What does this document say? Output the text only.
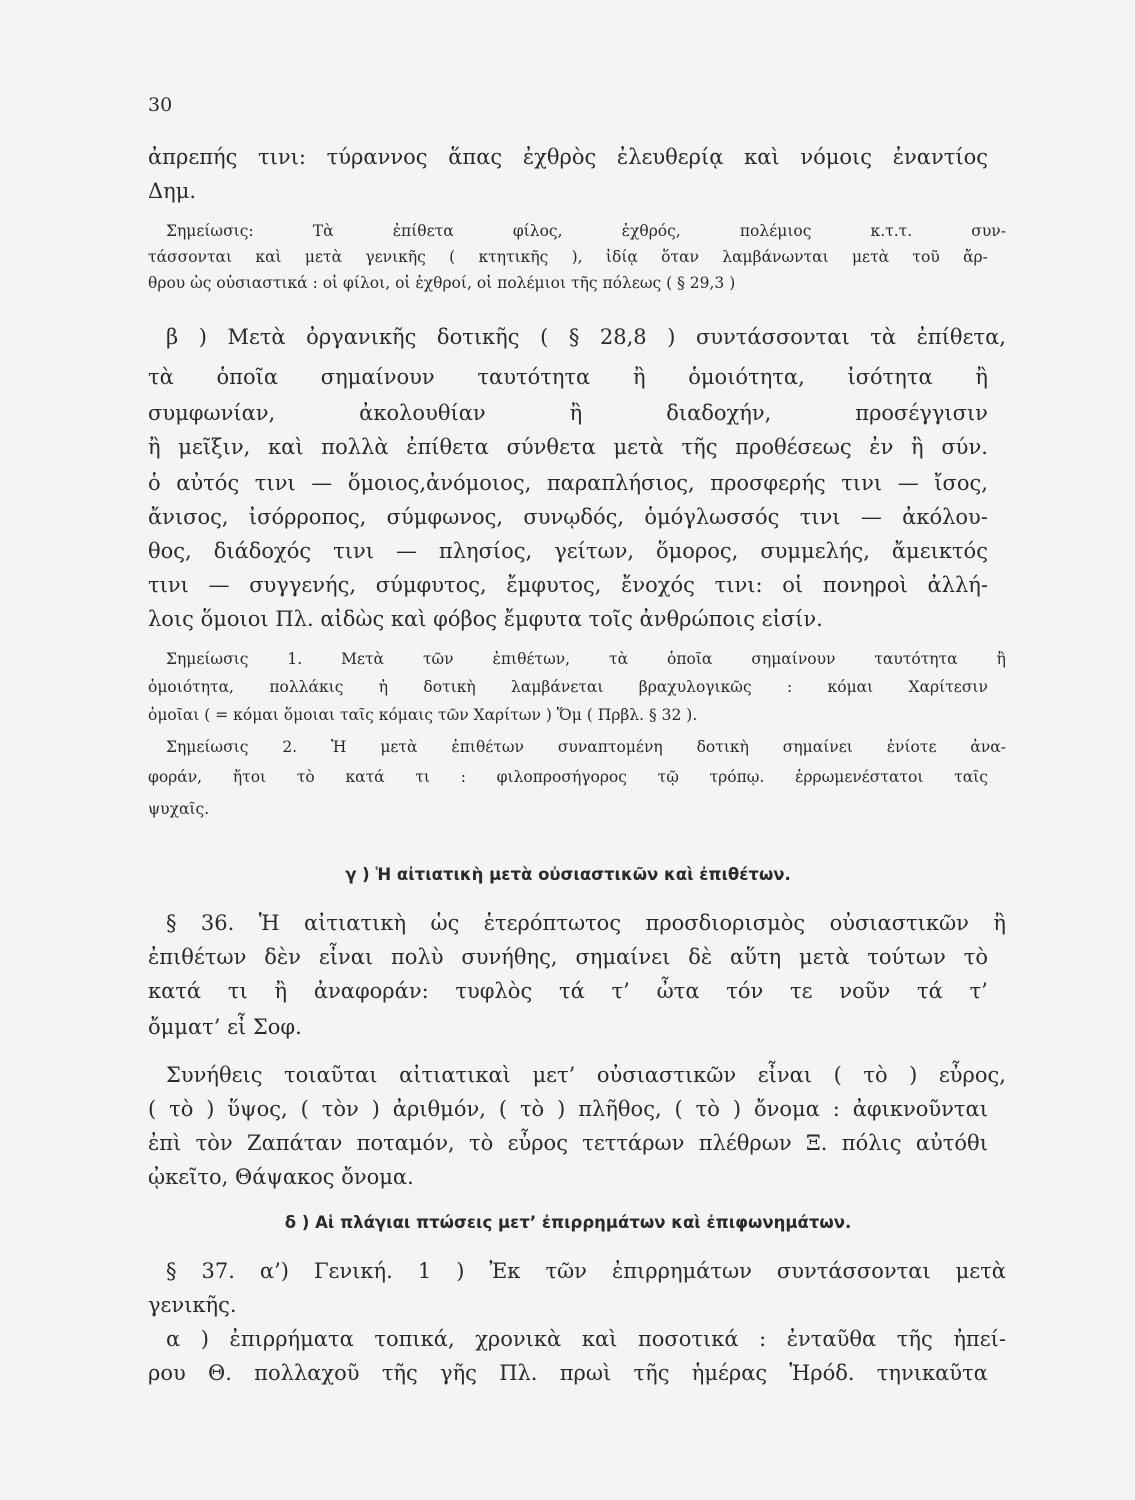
30
ἀπρεπής τινι: τύραννος ἅπας ἐχθρὸς ἐλευθερίᾳ καὶ νόμοις ἐναντίος
Δημ.
Σημείωσις:	Τὰ	ἐπίθετα	φίλος,	ἐχθρός,	πολέμιος	κ.τ.τ.	συν-
τάσσονται καὶ μετὰ γενικῆς ( κτητικῆς ), ἰδίᾳ ὅταν λαμβάνωνται μετὰ τοῦ ἄρ-
θρου ὡς οὐσιαστικά : οἱ φίλοι, οἱ ἐχθροί, οἱ πολέμιοι τῆς πόλεως ( § 29,3 )
β ) Μετὰ ὀργανικῆς δοτικῆς ( § 28,8 ) συντάσσονται τὰ ἐπίθετα,
τὰ ὁποῖα σημαίνουν ταυτότητα ἢ ὁμοιότητα, ἰσότητα ἢ
συμφωνίαν,	ἀκολουθίαν	ἢ	διαδοχήν,	προσέγγισιν
ἢ μεῖξιν, καὶ πολλὰ ἐπίθετα σύνθετα μετὰ τῆς προθέσεως ἐν ἢ σύν.
ὁ αὐτός τινι — ὅμοιος,ἀνόμοιος, παραπλήσιος, προσφερής τινι — ἴσος,
ἄνισος, ἰσόρροπος, σύμφωνος, συνῳδός, ὁμόγλωσσός τινι — ἀκόλου-
θος, διάδοχός τινι — πλησίος, γείτων, ὅμορος, συμμελής, ἄμεικτός
τινι — συγγενής, σύμφυτος, ἔμφυτος, ἔνοχός τινι: οἱ πονηροὶ ἀλλή-
λοις ὅμοιοι Πλ. αἰδὼς καὶ φόβος ἔμφυτα τοῖς ἀνθρώποις εἰσίν.
Σημείωσις	1.	Μετὰ	τῶν	ἐπιθέτων,	τὰ	ὁποῖα	σημαίνουν	ταυτότητα	ἢ
ὁμοιότητα, πολλάκις ἡ δοτικὴ λαμβάνεται βραχυλογικῶς : κόμαι Χαρίτεσιν
ὁμοῖαι ( = κόμαι ὅμοιαι ταῖς κόμαις τῶν Χαρίτων ) Ὅμ ( Πρβλ. § 32 ).
Σημείωσις 2. Ἡ μετὰ ἐπιθέτων συναπτομένη δοτικὴ σημαίνει ἐνίοτε ἀνα-
φοράν, ἤτοι τὸ κατά τι : φιλοπροσήγορος τῷ τρόπῳ. ἐρρωμενέστατοι ταῖς
ψυχαῖς.
γ ) Ἡ αἰτιατικὴ μετὰ οὐσιαστικῶν καὶ ἐπιθέτων.
§ 36. Ἡ αἰτιατικὴ ὡς ἑτερόπτωτος προσδιορισμὸς οὐσιαστικῶν ἢ
ἐπιθέτων δὲν εἶναι πολὺ συνήθης, σημαίνει δὲ αὕτη μετὰ τούτων τὸ
κατά τι ἢ ἀναφοράν: τυφλὸς τά τ’ ὦτα τόν τε νοῦν τά τ’
ὄμματ’ εἶ Σοφ.
Συνήθεις τοιαῦται αἰτιατικαὶ μετ’ οὐσιαστικῶν εἶναι ( τὸ ) εὖρος,
( τὸ ) ὕψος, ( τὸν ) ἀριθμόν, ( τὸ ) πλῆθος, ( τὸ ) ὄνομα : ἀφικνοῦνται
ἐπὶ τὸν Ζαπάταν ποταμόν, τὸ εὖρος τεττάρων πλέθρων Ξ. πόλις αὐτόθι
ᾠκεῖτο, Θάψακος ὄνομα.
δ ) Αἱ πλάγιαι πτώσεις μετ’ ἐπιρρημάτων καὶ ἐπιφωνημάτων.
§ 37. α’) Γενική. 1 ) Ἐκ τῶν ἐπιρρημάτων συντάσσονται μετὰ
γενικῆς.
α ) ἐπιρρήματα τοπικά, χρονικὰ καὶ ποσοτικά : ἐνταῦθα τῆς ἠπεί-
ρου Θ. πολλαχοῦ τῆς γῆς Πλ. πρωὶ τῆς ἡμέρας Ἡρόδ. τηνικαῦτα
